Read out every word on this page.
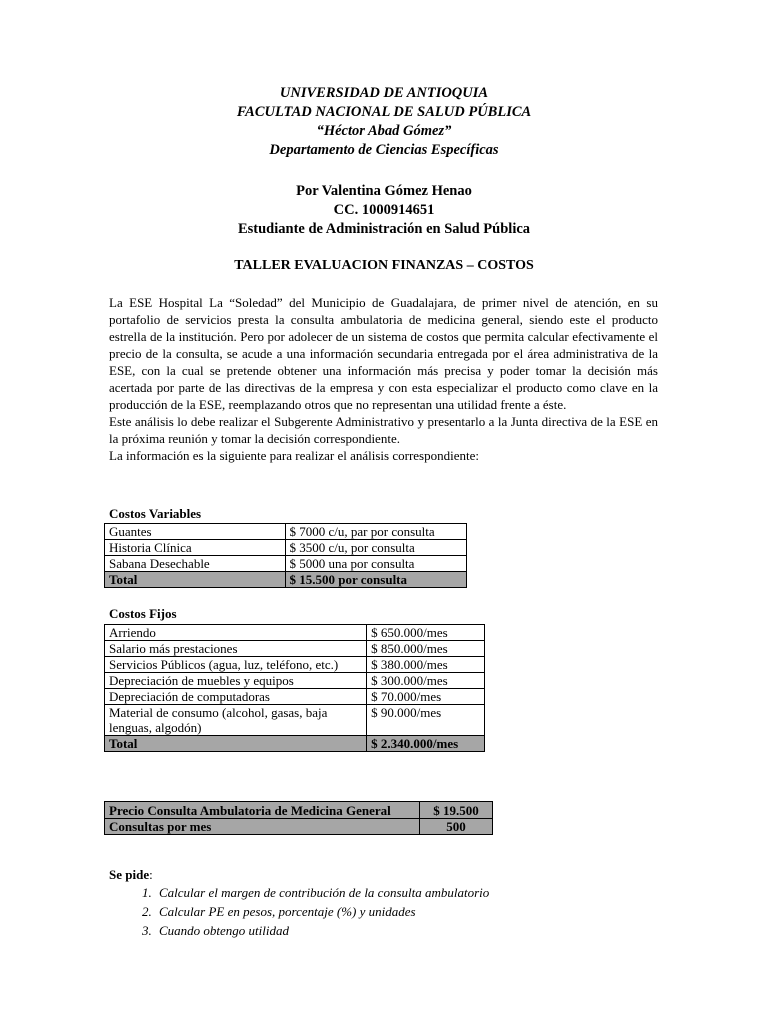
UNIVERSIDAD DE ANTIOQUIA
FACULTAD NACIONAL DE SALUD PÚBLICA
“Héctor Abad Gómez”
Departamento de Ciencias Específicas
Por Valentina Gómez Henao
CC. 1000914651
Estudiante de Administración en Salud Pública
TALLER EVALUACION FINANZAS – COSTOS

La ESE Hospital La “Soledad” del Municipio de Guadalajara, de primer nivel de atención, en su portafolio de servicios presta la consulta ambulatoria de medicina general, siendo este el producto estrella de la institución. Pero por adolecer de un sistema de costos que permita calcular efectivamente el precio de la consulta, se acude a una información secundaria entregada por el área administrativa de la ESE, con la cual se pretende obtener una información más precisa y poder tomar la decisión más acertada por parte de las directivas de la empresa y con esta especializar el producto como clave en la producción de la ESE, reemplazando otros que no representan una utilidad frente a éste.

Este análisis lo debe realizar el Subgerente Administrativo y presentarlo a la Junta directiva de la ESE en la próxima reunión y tomar la decisión correspondiente.

La información es la siguiente para realizar el análisis correspondiente:

Costos Variables
Guantes	$ 7000 c/u, par por consulta
Historia Clínica	$ 3500 c/u, por consulta
Sabana Desechable	$ 5000 una por consulta
Total	$ 15.500 por consulta
Costos Fijos
Arriendo	$ 650.000/mes
Salario más prestaciones	$ 850.000/mes
Servicios Públicos (agua, luz, teléfono, etc.)	$ 380.000/mes
Depreciación de muebles y equipos	$ 300.000/mes
Depreciación de computadoras	$ 70.000/mes
Material de consumo (alcohol, gasas, baja lenguas, algodón)	$ 90.000/mes
Total	$ 2.340.000/mes
Precio Consulta Ambulatoria de Medicina General	$ 19.500
Consultas por mes	500
Se pide:
1. Calcular el margen de contribución de la consulta ambulatorio
2. Calcular PE en pesos, porcentaje (%) y unidades
3. Cuando obtengo utilidad
